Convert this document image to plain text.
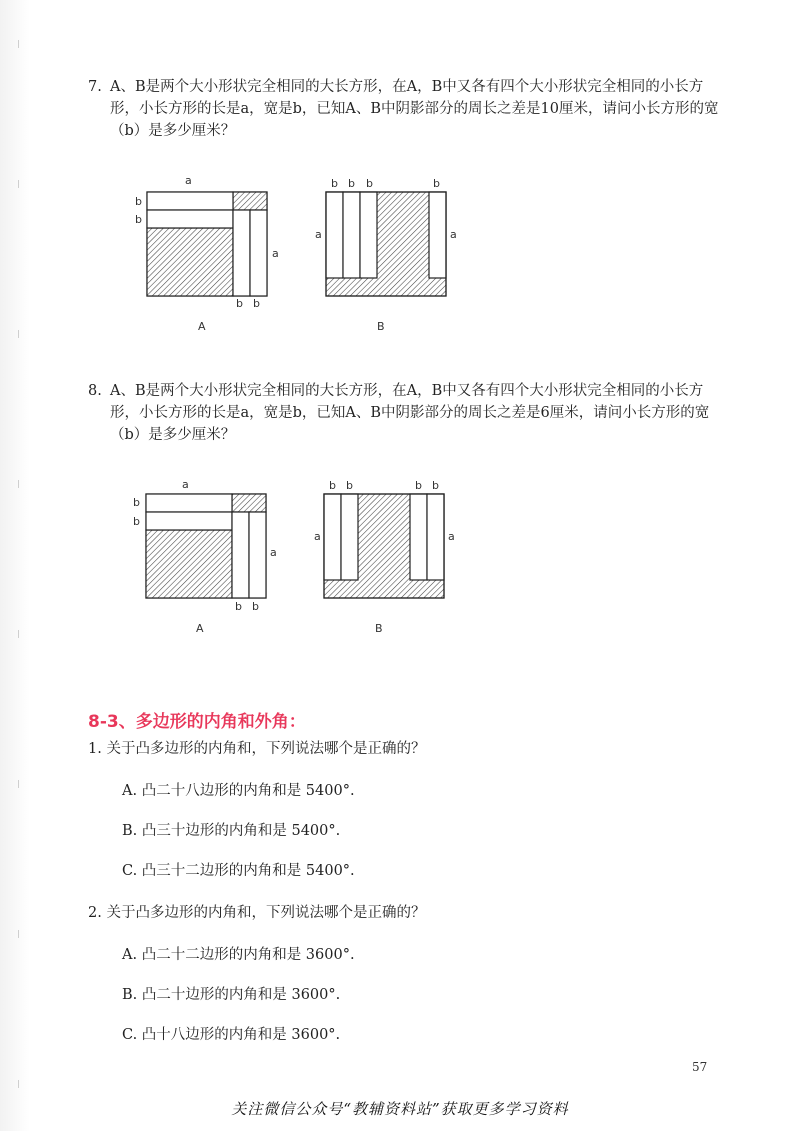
7. A、B是两个大小形状完全相同的大长方形，在A，B中又各有四个大小形状完全相同的小长方形，小长方形的长是a，宽是b，已知A、B中阴影部分的周长之差是10厘米，请问小长方形的宽（b）是多少厘米？
a
b
b
a
b b
A
b b b	b
a	a
B
8. A、B是两个大小形状完全相同的大长方形，在A，B中又各有四个大小形状完全相同的小长方形，小长方形的长是a，宽是b，已知A、B中阴影部分的周长之差是6厘米，请问小长方形的宽（b）是多少厘米？
a
b
b
a
b b
A
b b	b b
a	a
B
8-3、多边形的内角和外角：
1. 关于凸多边形的内角和，下列说法哪个是正确的？
A. 凸二十八边形的内角和是 5400°.
B. 凸三十边形的内角和是 5400°.
C. 凸三十二边形的内角和是 5400°.
2. 关于凸多边形的内角和，下列说法哪个是正确的？
A. 凸二十二边形的内角和是 3600°.
B. 凸二十边形的内角和是 3600°.
C. 凸十八边形的内角和是 3600°.
57
关注微信公众号“教辅资料站”获取更多学习资料
